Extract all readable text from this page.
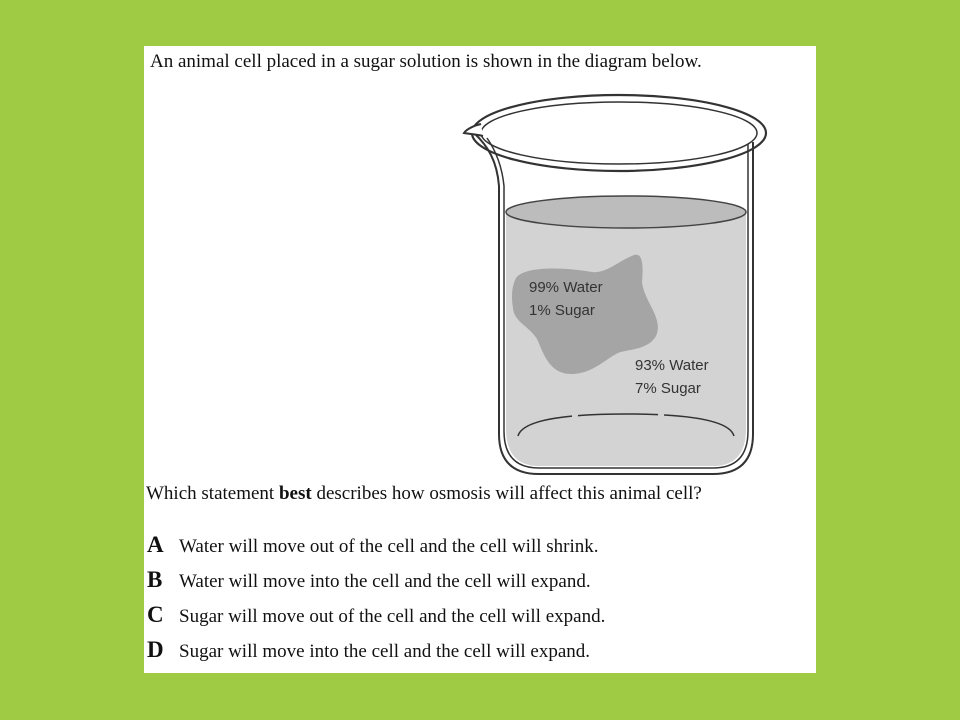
An animal cell placed in a sugar solution is shown in the diagram below.
99% Water
1% Sugar
93% Water
7% Sugar
Which statement best describes how osmosis will affect this animal cell?
A Water will move out of the cell and the cell will shrink.
B Water will move into the cell and the cell will expand.
C Sugar will move out of the cell and the cell will expand.
D Sugar will move into the cell and the cell will expand.
